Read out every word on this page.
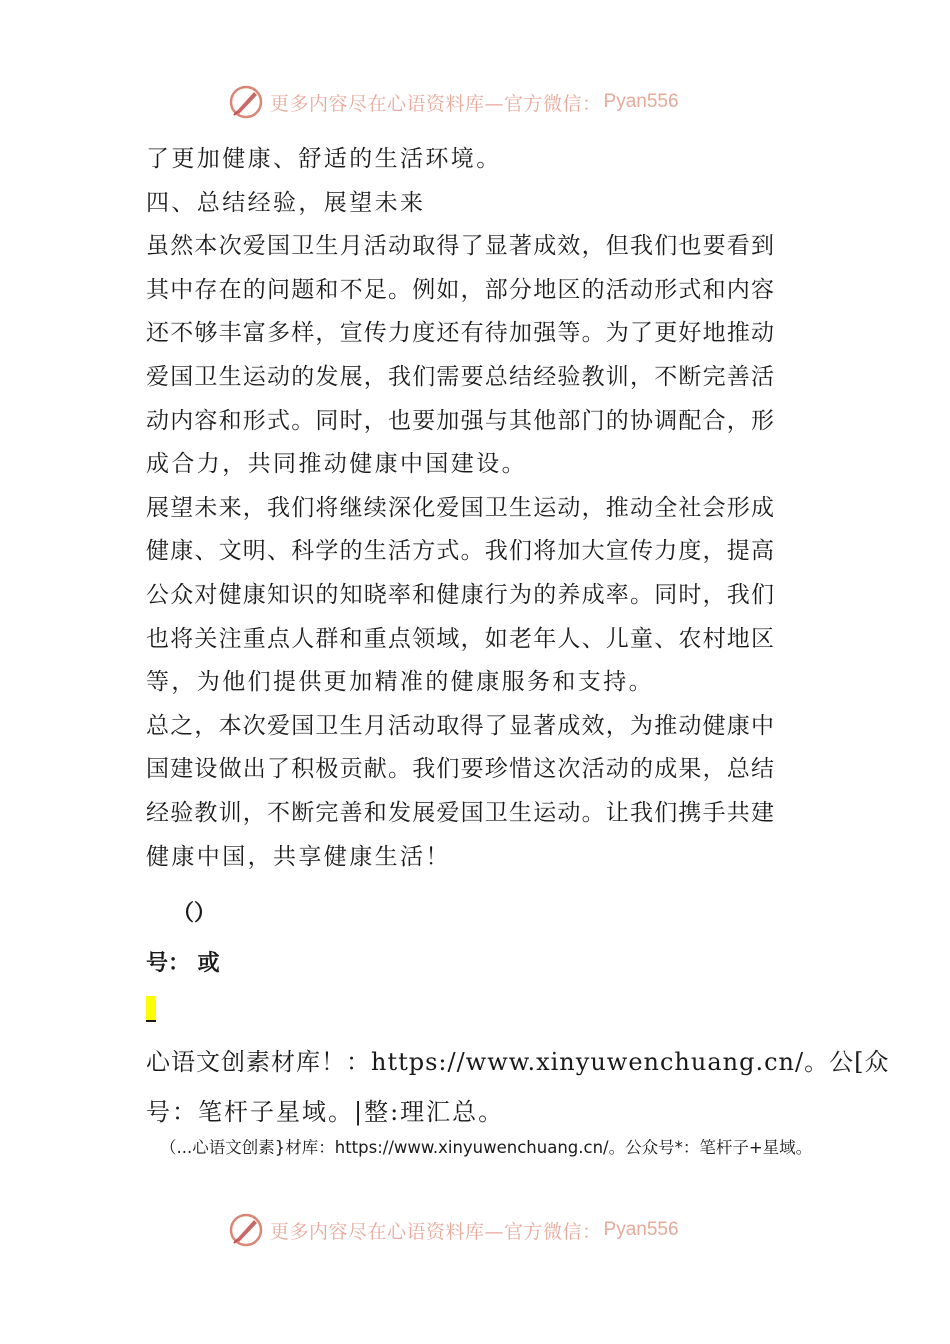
更多内容尽在心语资料库—官方微信： Pyan556
了更加健康、舒适的生活环境。
四、总结经验，展望未来
虽然本次爱国卫生月活动取得了显著成效，但我们也要看到
其中存在的问题和不足。例如，部分地区的活动形式和内容
还不够丰富多样，宣传力度还有待加强等。为了更好地推动
爱国卫生运动的发展，我们需要总结经验教训，不断完善活
动内容和形式。同时，也要加强与其他部门的协调配合，形
成合力，共同推动健康中国建设。
展望未来，我们将继续深化爱国卫生运动，推动全社会形成
健康、文明、科学的生活方式。我们将加大宣传力度，提高
公众对健康知识的知晓率和健康行为的养成率。同时，我们
也将关注重点人群和重点领域，如老年人、儿童、农村地区
等，为他们提供更加精准的健康服务和支持。
总之，本次爱国卫生月活动取得了显著成效，为推动健康中
国建设做出了积极贡献。我们要珍惜这次活动的成果，总结
经验教训，不断完善和发展爱国卫生运动。让我们携手共建
健康中国，共享健康生活！
（）
号： 或
心语文创素材库！：https://www.xinyuwenchuang.cn/。公[众
号：笔杆子星域。|整:理汇总。
（...心语文创素}材库：https://www.xinyuwenchuang.cn/。公众号*：笔杆子+星域。
更多内容尽在心语资料库—官方微信： Pyan556
